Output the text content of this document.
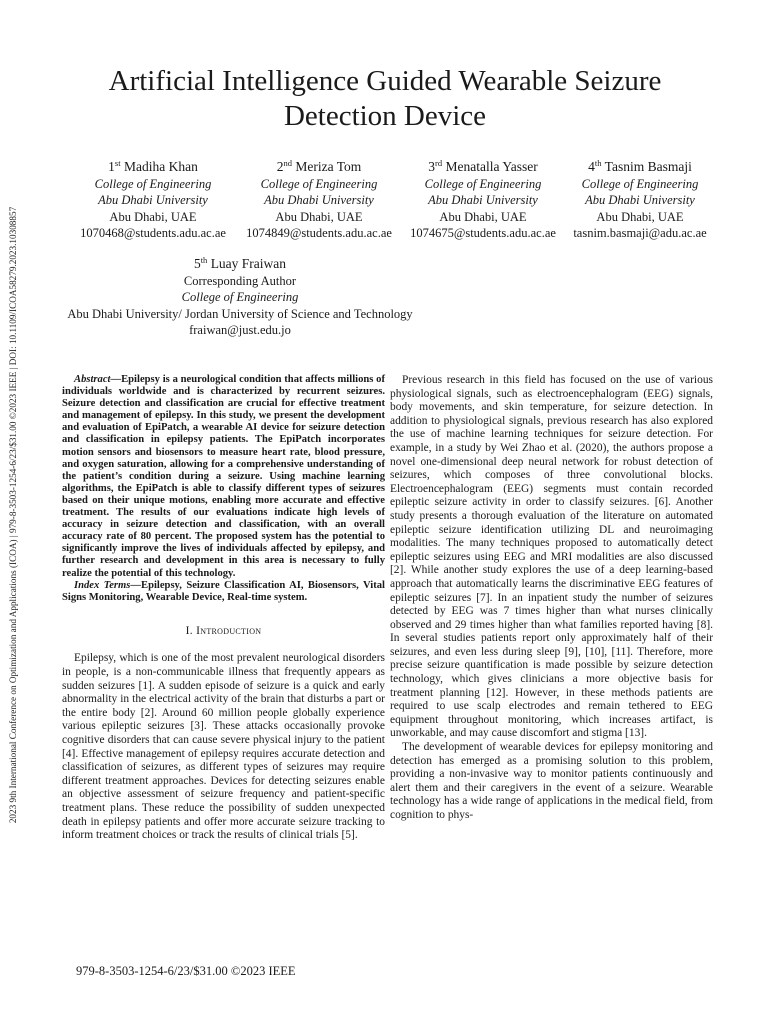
2023 9th International Conference on Optimization and Applications (ICOA) | 979-8-3503-1254-6/23/$31.00 ©2023 IEEE | DOI: 10.1109/ICOA58279.2023.10308857
Artificial Intelligence Guided Wearable Seizure
Detection Device
1st Madiha Khan
College of Engineering
Abu Dhabi University
Abu Dhabi, UAE
1070468@students.adu.ac.ae
2nd Meriza Tom
College of Engineering
Abu Dhabi University
Abu Dhabi, UAE
1074849@students.adu.ac.ae
3rd Menatalla Yasser
College of Engineering
Abu Dhabi University
Abu Dhabi, UAE
1074675@students.adu.ac.ae
4th Tasnim Basmaji
College of Engineering
Abu Dhabi University
Abu Dhabi, UAE
tasnim.basmaji@adu.ac.ae
5th Luay Fraiwan
Corresponding Author
College of Engineering
Abu Dhabi University/ Jordan University of Science and Technology
fraiwan@just.edu.jo

Abstract—Epilepsy is a neurological condition that affects millions of individuals worldwide and is characterized by recurrent seizures. Seizure detection and classification are crucial for effective treatment and management of epilepsy. In this study, we present the development and evaluation of EpiPatch, a wearable AI device for seizure detection and classification in epilepsy patients. The EpiPatch incorporates motion sensors and biosensors to measure heart rate, blood pressure, and oxygen saturation, allowing for a comprehensive understanding of the patient’s condition during a seizure. Using machine learning algorithms, the EpiPatch is able to classify different types of seizures based on their unique motions, enabling more accurate and effective treatment. The results of our evaluations indicate high levels of accuracy in seizure detection and classification, with an overall accuracy rate of 80 percent. The proposed system has the potential to significantly improve the lives of individuals affected by epilepsy, and further research and development in this area is necessary to fully realize the potential of this technology.

Index Terms—Epilepsy, Seizure Classification AI, Biosensors, Vital Signs Monitoring, Wearable Device, Real-time system.

I. Introduction

Epilepsy, which is one of the most prevalent neurological disorders in people, is a non-communicable illness that frequently appears as sudden seizures [1]. A sudden episode of seizure is a quick and early abnormality in the electrical activity of the brain that disturbs a part or the entire body [2]. Around 60 million people globally experience various epileptic seizures [3]. These attacks occasionally provoke cognitive disorders that can cause severe physical injury to the patient [4]. Effective management of epilepsy requires accurate detection and classification of seizures, as different types of seizures may require different treatment approaches. Devices for detecting seizures enable an objective assessment of seizure frequency and patient-specific treatment plans. These reduce the possibility of sudden unexpected death in epilepsy patients and offer more accurate seizure tracking to inform treatment choices or track the results of clinical trials [5].

Previous research in this field has focused on the use of various physiological signals, such as electroencephalogram (EEG) signals, body movements, and skin temperature, for seizure detection. In addition to physiological signals, previous research has also explored the use of machine learning techniques for seizure detection. For example, in a study by Wei Zhao et al. (2020), the authors propose a novel one-dimensional deep neural network for robust detection of seizures, which composes of three convolutional blocks. Electroencephalogram (EEG) segments must contain recorded epileptic seizure activity in order to classify seizures. [6]. Another study presents a thorough evaluation of the literature on automated epileptic seizure identification utilizing DL and neuroimaging modalities. The many techniques proposed to automatically detect epileptic seizures using EEG and MRI modalities are also discussed [2]. While another study explores the use of a deep learning-based approach that automatically learns the discriminative EEG features of epileptic seizures [7]. In an inpatient study the number of seizures detected by EEG was 7 times higher than what nurses clinically observed and 29 times higher than what families reported having [8]. In several studies patients report only approximately half of their seizures, and even less during sleep [9], [10], [11]. Therefore, more precise seizure quantification is made possible by seizure detection technology, which gives clinicians a more objective basis for treatment planning [12]. However, in these methods patients are required to use scalp electrodes and remain tethered to EEG equipment throughout monitoring, which increases artifact, is unworkable, and may cause discomfort and stigma [13].

The development of wearable devices for epilepsy monitoring and detection has emerged as a promising solution to this problem, providing a non-invasive way to monitor patients continuously and alert them and their caregivers in the event of a seizure. Wearable technology has a wide range of applications in the medical field, from cognition to phys-

979-8-3503-1254-6/23/$31.00 ©2023 IEEE
